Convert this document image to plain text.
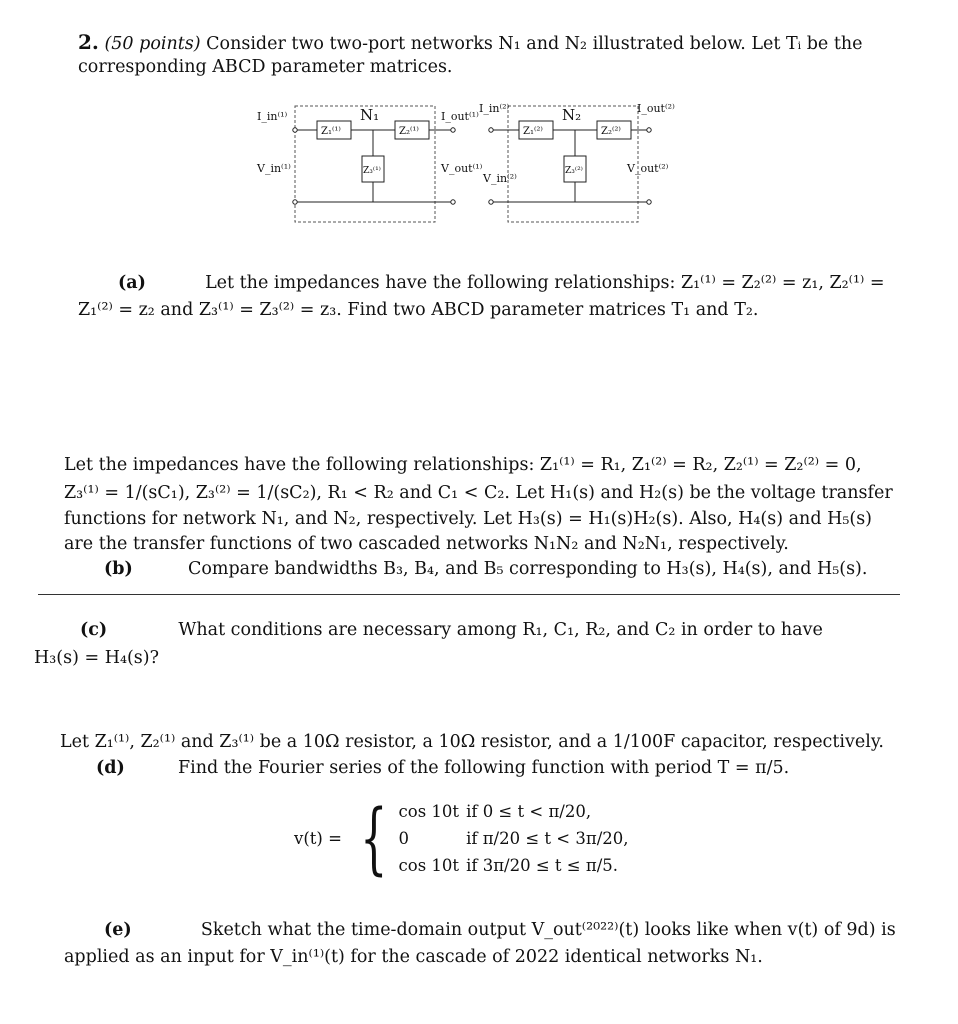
2. (50 points) Consider two two-port networks N₁ and N₂ illustrated below. Let Tᵢ be the
corresponding ABCD parameter matrices.
N₁	N₂
Z₁⁽¹⁾	Z₂⁽¹⁾
Z₃⁽¹⁾
Z₁⁽²⁾	Z₂⁽²⁾
Z₃⁽²⁾
I_in⁽¹⁾	I_out⁽¹⁾
I_in⁽²⁾	I_out⁽²⁾
V_in⁽¹⁾	V_out⁽¹⁾
V_in⁽²⁾
V_out⁽²⁾
(a)	Let the impedances have the following relationships: Z₁⁽¹⁾ = Z₂⁽²⁾ = z₁, Z₂⁽¹⁾ =
Z₁⁽²⁾ = z₂ and Z₃⁽¹⁾ = Z₃⁽²⁾ = z₃. Find two ABCD parameter matrices T₁ and T₂.
Let the impedances have the following relationships: Z₁⁽¹⁾ = R₁, Z₁⁽²⁾ = R₂, Z₂⁽¹⁾ = Z₂⁽²⁾ = 0,
Z₃⁽¹⁾ = 1/(sC₁), Z₃⁽²⁾ = 1/(sC₂), R₁ < R₂ and C₁ < C₂. Let H₁(s) and H₂(s) be the voltage transfer
functions for network N₁, and N₂, respectively. Let H₃(s) = H₁(s)H₂(s). Also, H₄(s) and H₅(s)
are the transfer functions of two cascaded networks N₁N₂ and N₂N₁, respectively.
(b)	Compare bandwidths B₃, B₄, and B₅ corresponding to H₃(s), H₄(s), and H₅(s).
(c)	What conditions are necessary among R₁, C₁, R₂, and C₂ in order to have
H₃(s) = H₄(s)?
Let Z₁⁽¹⁾, Z₂⁽¹⁾ and Z₃⁽¹⁾ be a 10Ω resistor, a 10Ω resistor, and a 1/100F capacitor, respectively.
(d)	Find the Fourier series of the following function with period T = π/5.
v(t) =	{	cos 10t	if 0 ≤ t < π/20,
		0	if π/20 ≤ t < 3π/20,
		cos 10t	if 3π/20 ≤ t ≤ π/5.
(e)	Sketch what the time-domain output V_out⁽²⁰²²⁾(t) looks like when v(t) of 9d) is
applied as an input for V_in⁽¹⁾(t) for the cascade of 2022 identical networks N₁.
